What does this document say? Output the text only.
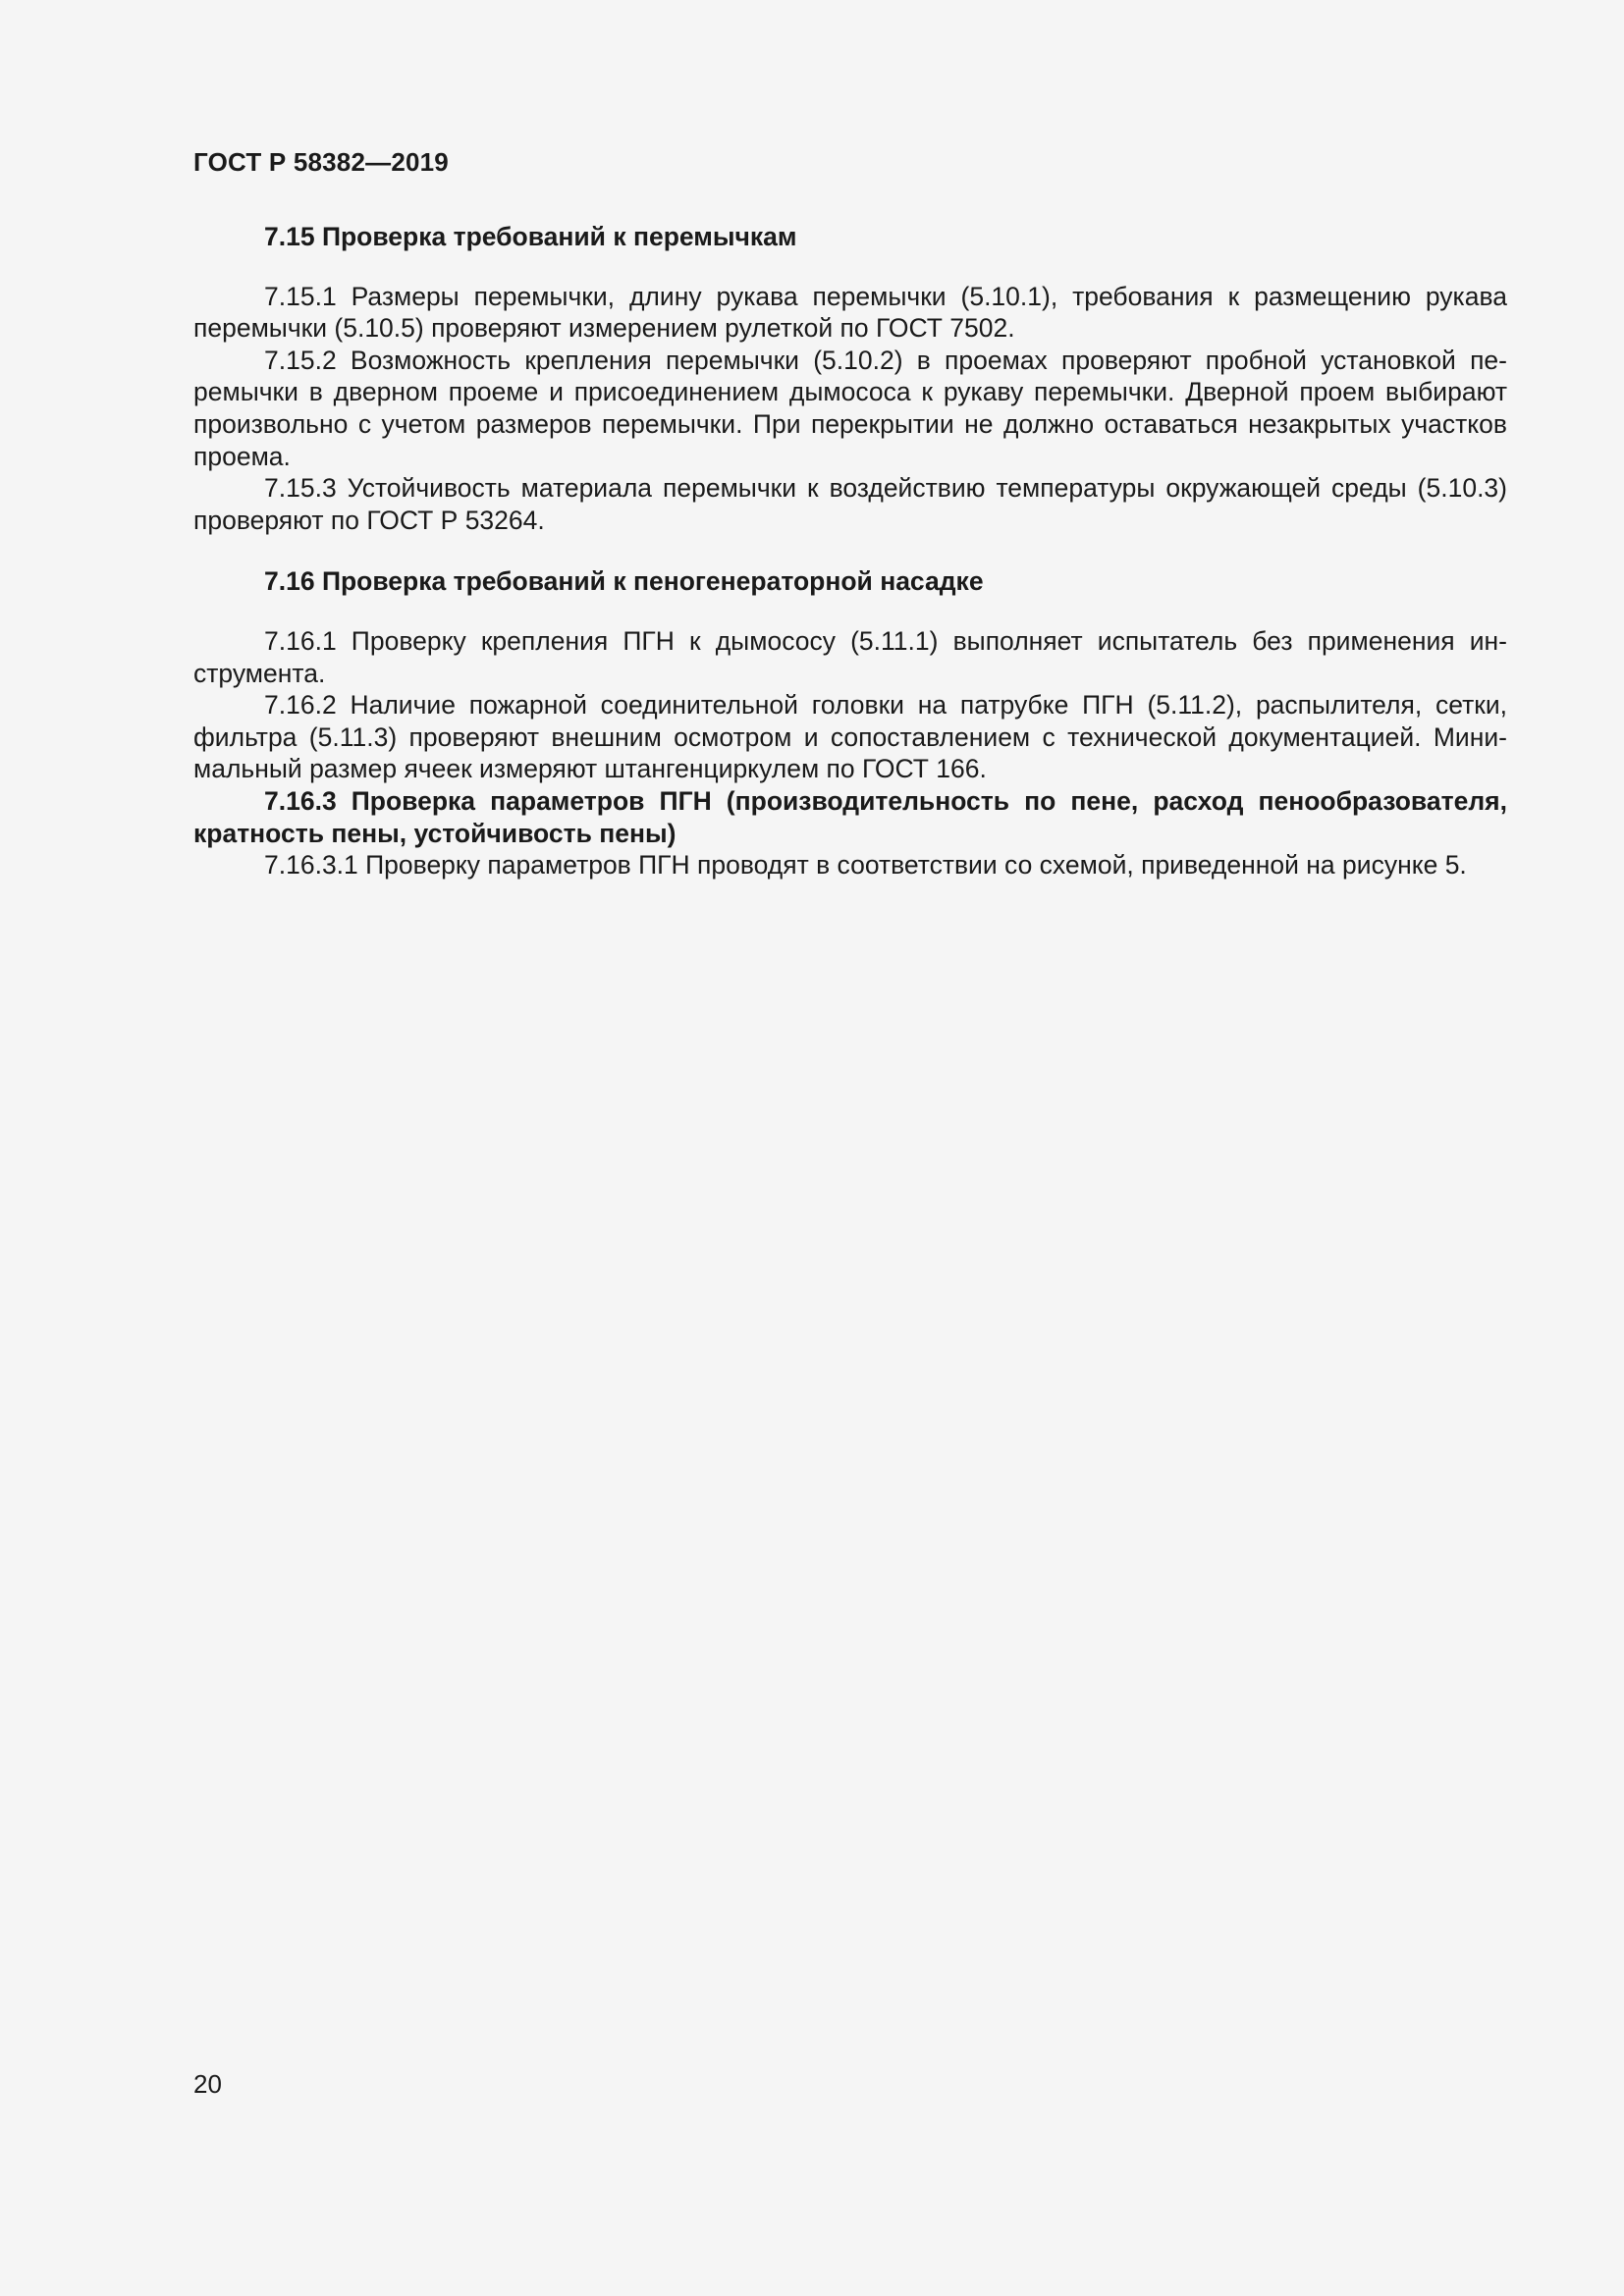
ГОСТ Р 58382—2019
7.15 Проверка требований к перемычкам

7.15.1 Размеры перемычки, длину рукава перемычки (5.10.1), требования к размещению рукава перемычки (5.10.5) проверяют измерением рулеткой по ГОСТ 7502.

7.15.2 Возможность крепления перемычки (5.10.2) в проемах проверяют пробной установкой перемычки в дверном проеме и присоединением дымососа к рукаву перемычки. Дверной проем выбирают произвольно с учетом размеров перемычки. При перекрытии не должно оставаться незакрытых участков проема.

7.15.3 Устойчивость материала перемычки к воздействию температуры окружающей среды (5.10.3) проверяют по ГОСТ Р 53264.

7.16 Проверка требований к пеногенераторной насадке

7.16.1 Проверку крепления ПГН к дымососу (5.11.1) выполняет испытатель без применения инструмента.

7.16.2 Наличие пожарной соединительной головки на патрубке ПГН (5.11.2), распылителя, сетки, фильтра (5.11.3) проверяют внешним осмотром и сопоставлением с технической документацией. Минимальный размер ячеек измеряют штангенциркулем по ГОСТ 166.

7.16.3 Проверка параметров ПГН (производительность по пене, расход пенообразователя, кратность пены, устойчивость пены)

7.16.3.1 Проверку параметров ПГН проводят в соответствии со схемой, приведенной на рисунке 5.

20
